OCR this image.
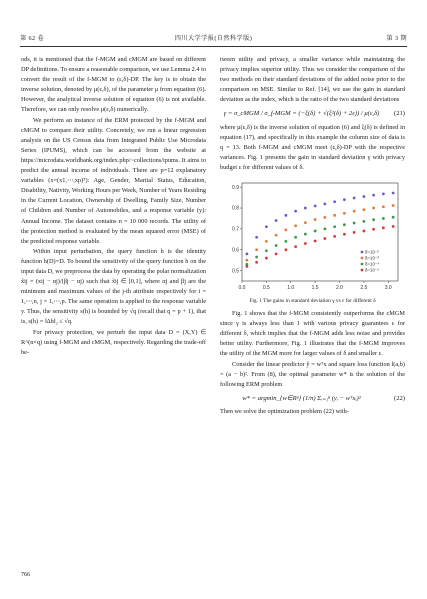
第 62 卷	四川大学学报(自然科学版)	第 3 期

ods, it is mentioned that the f-MGM and cMGM are based on different DP definitions. To ensure a reasonable comparison, we use Lemma 2.4 to convert the result of the f-MGM to (ε,δ)-DP. The key is to obtain the inverse solution, denoted by μ(ε,δ), of the parameter μ from equation (6). However, the analytical inverse solution of equation (6) is not available. Therefore, we can only resolve μ(ε,δ) numerically.

We perform an instance of the ERM protected by the f-MGM and cMGM to compare their utility. Concretely, we run a linear regression analysis on the US Census data from Integrated Public Use Microdata Series (IPUMS), which can be accessed from the website at https://microdata.worldbank.org/index.php/~collections/ipums. It aims to predict the annual income of individuals. There are p=12 explanatory variables (x=(x1,⋯,xp)ᵀ): Age, Gender, Marital Status, Education, Disability, Nativity, Working Hours per Week, Number of Years Residing in the Current Location, Ownership of Dwelling, Family Size, Number of Children and Number of Automobiles, and a response variable (y): Annual Income. The dataset contains n = 10 000 records. The utility of the protection method is evaluated by the mean squared error (MSE) of the predicted response variable.

Within input perturbation, the query function h is the identity function h(D)=D. To bound the sensitivity of the query function h on the input data D, we preprocess the data by operating the polar normalization x̃ij = (xij − αj)/(βj − αj) such that x̃ij ∈ [0,1], where αj and βj are the minimum and maximum values of the j-th attribute respectively for i = 1,⋯,n, j = 1,⋯,p. The same operation is applied to the response variable y. Thus, the sensitivity s(h) is bounded by √q (recall that q = p + 1), that is, s(h) = ‖Δh‖₂ ≤ √q.

For privacy protection, we perturb the input data D = (X,Y) ∈ R^(n×q) using f-MGM and cMGM, respectively. Regarding the trade-off be-

tween utility and privacy, a smaller variance while maintaining the privacy implies superior utility. Thus we consider the comparison of the two methods on their standard deviations of the added noise prior to the comparison on MSE. Similar to Ref. [14], we use the gain in standard deviation as the index, which is the ratio of the two standard deviations

γ = σ_cMGM / σ_f-MGM = (−ξ(δ) + √(ξ²(δ) + 2ε)) / μ(ε,δ)	(21)

where μ(ε,δ) is the inverse solution of equation (6) and ξ(δ) is defined in equation (17), and specifically in this example the column size of data is q = 13. Both f-MGM and cMGM meet (ε,δ)-DP with the respective variances. Fig. 1 presents the gain in standard deviation γ with privacy budget ε for different values of δ.

0.0	0.5	1.0	1.5	2.0	2.5	3.0
0.5
0.6
0.7
0.8
0.9
δ=10⁻²
δ=10⁻³
δ=10⁻⁴
δ=10⁻⁵
Fig. 1 The gains in standard deviation γ vs ε for different δ

Fig. 1 shows that the f-MGM consistently outperforms the cMGM since γ is always less than 1 with various privacy guarantees ε for different δ, which implies that the f-MGM adds less noise and provides better utility. Furthermore, Fig. 1 illustrates that the f-MGM improves the utility of the MGM more for larger values of δ and smaller ε.

Consider the linear predictor ŷ = wᵀx and square loss function l(a,b) = (a − b)². From (8), the optimal parameter w* is the solution of the following ERM problem

w* = argmin_{w∈Rᵖ} (1/n) Σᵢ₌₁ⁿ (yᵢ − wᵀxᵢ)²	(22)

Then we solve the optimization problem (22) with-

766
